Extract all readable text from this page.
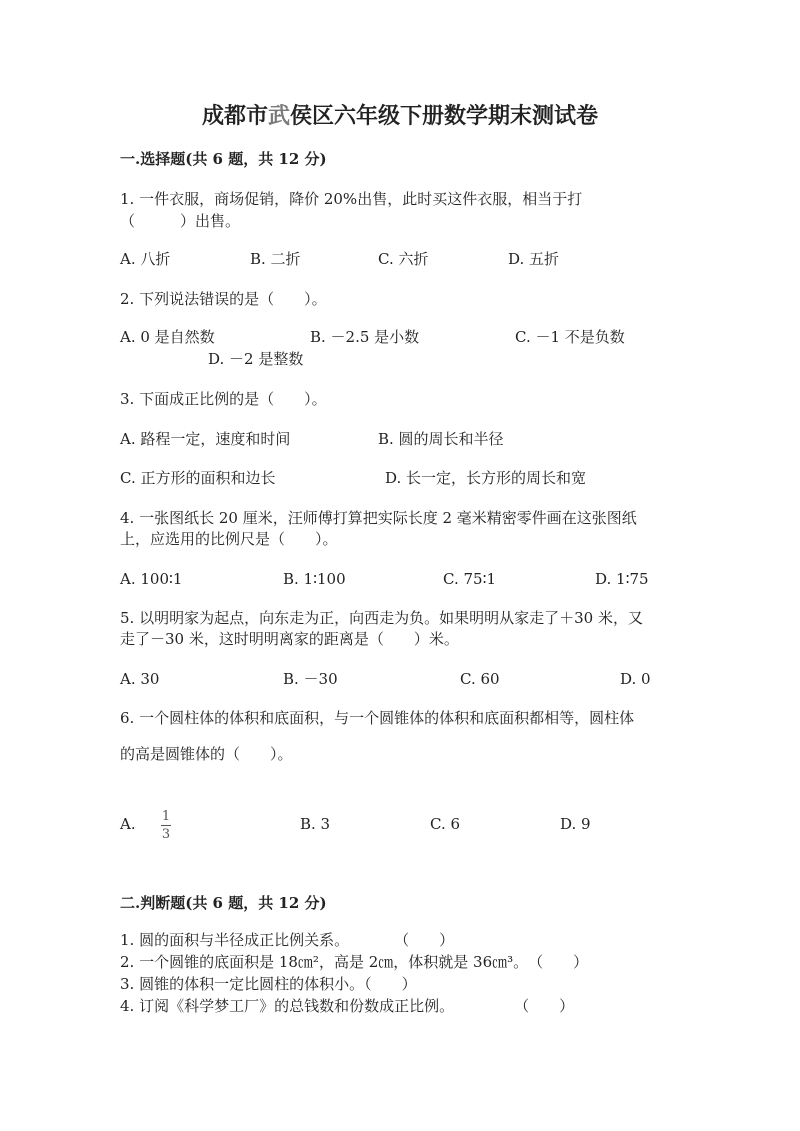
成都市武侯区六年级下册数学期末测试卷
一.选择题(共 6 题，共 12 分)
1. 一件衣服，商场促销，降价 20%出售，此时买这件衣服，相当于打
（　　　）出售。
A. 八折	B. 二折	C. 六折	D. 五折
2. 下列说法错误的是（　　）。
A. 0 是自然数	B. －2.5 是小数	C. －1 不是负数
D. －2 是整数
3. 下面成正比例的是（　　）。
A. 路程一定，速度和时间	B. 圆的周长和半径
C. 正方形的面积和边长	D. 长一定，长方形的周长和宽
4. 一张图纸长 20 厘米，汪师傅打算把实际长度 2 毫米精密零件画在这张图纸
上，应选用的比例尺是（　　）。
A. 100∶1	B. 1∶100	C. 75∶1	D. 1∶75
5. 以明明家为起点，向东走为正，向西走为负。如果明明从家走了＋30 米，又
走了－30 米，这时明明离家的距离是（　　）米。
A. 30	B. －30	C. 60	D. 0
6. 一个圆柱体的体积和底面积，与一个圆锥体的体积和底面积都相等，圆柱体
的高是圆锥体的（　　）。
A. $\frac{1}{3}$	B. 3	C. 6	D. 9
二.判断题(共 6 题，共 12 分)
1. 圆的面积与半径成正比例关系。　　　　（　　）
2. 一个圆锥的底面积是 18㎝²，高是 2㎝，体积就是 36㎝³。　（　　）
3. 圆锥的体积一定比圆柱的体积小。（　　）
4. 订阅《科学梦工厂》的总钱数和份数成正比例。　　　　　（　　）
